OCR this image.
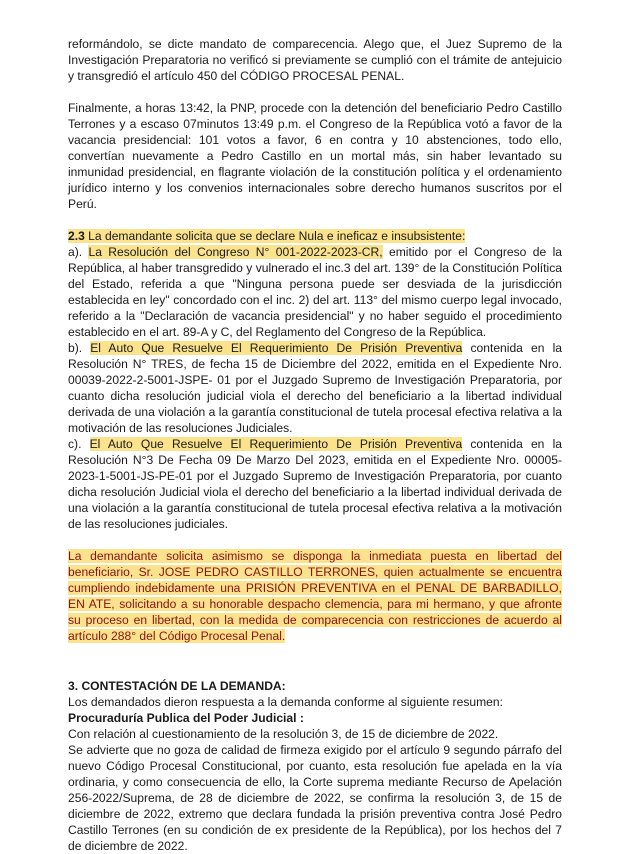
reformándolo, se dicte mandato de comparecencia. Alego que, el Juez Supremo de la Investigación Preparatoria no verificó si previamente se cumplió con el trámite de antejuicio y transgredió el artículo 450 del CÓDIGO PROCESAL PENAL.

Finalmente, a horas 13:42, la PNP, procede con la detención del beneficiario Pedro Castillo Terrones y a escaso 07minutos 13:49 p.m. el Congreso de la República votó a favor de la vacancia presidencial: 101 votos a favor, 6 en contra y 10 abstenciones, todo ello, convertían nuevamente a Pedro Castillo en un mortal más, sin haber levantado su inmunidad presidencial, en flagrante violación de la constitución política y el ordenamiento jurídico interno y los convenios internacionales sobre derecho humanos suscritos por el Perú.

2.3 La demandante solicita que se declare Nula e ineficaz e insubsistente:

a). La Resolución del Congreso N° 001-2022-2023-CR, emitido por el Congreso de la República, al haber transgredido y vulnerado el inc.3 del art. 139° de la Constitución Política del Estado, referida a que "Ninguna persona puede ser desviada de la jurisdicción establecida en ley" concordado con el inc. 2) del art. 113° del mismo cuerpo legal invocado, referido a la "Declaración de vacancia presidencial" y no haber seguido el procedimiento establecido en el art. 89-A y C, del Reglamento del Congreso de la República.

b). El Auto Que Resuelve El Requerimiento De Prisión Preventiva contenida en la Resolución N° TRES, de fecha 15 de Diciembre del 2022, emitida en el Expediente Nro. 00039-2022-2-5001-JSPE- 01 por el Juzgado Supremo de Investigación Preparatoria, por cuanto dicha resolución judicial viola el derecho del beneficiario a la libertad individual derivada de una violación a la garantía constitucional de tutela procesal efectiva relativa a la motivación de las resoluciones Judiciales.

c). El Auto Que Resuelve El Requerimiento De Prisión Preventiva contenida en la Resolución N°3 De Fecha 09 De Marzo Del 2023, emitida en el Expediente Nro. 00005-2023-1-5001-JS-PE-01 por el Juzgado Supremo de Investigación Preparatoria, por cuanto dicha resolución Judicial viola el derecho del beneficiario a la libertad individual derivada de una violación a la garantía constitucional de tutela procesal efectiva relativa a la motivación de las resoluciones judiciales.

La demandante solicita asimismo se disponga la inmediata puesta en libertad del beneficiario, Sr. JOSE PEDRO CASTILLO TERRONES, quien actualmente se encuentra cumpliendo indebidamente una PRISIÓN PREVENTIVA en el PENAL DE BARBADILLO, EN ATE, solicitando a su honorable despacho clemencia, para mi hermano, y que afronte su proceso en libertad, con la medida de comparecencia con restricciones de acuerdo al artículo 288° del Código Procesal Penal.

3. CONTESTACIÓN DE LA DEMANDA:

Los demandados dieron respuesta a la demanda conforme al siguiente resumen:

Procuraduría Publica del Poder Judicial :

Con relación al cuestionamiento de la resolución 3, de 15 de diciembre de 2022.

Se advierte que no goza de calidad de firmeza exigido por el artículo 9 segundo párrafo del nuevo Código Procesal Constitucional, por cuanto, esta resolución fue apelada en la vía ordinaria, y como consecuencia de ello, la Corte suprema mediante Recurso de Apelación 256-2022/Suprema, de 28 de diciembre de 2022, se confirma la resolución 3, de 15 de diciembre de 2022, extremo que declara fundada la prisión preventiva contra José Pedro Castillo Terrones (en su condición de ex presidente de la República), por los hechos del 7 de diciembre de 2022.
